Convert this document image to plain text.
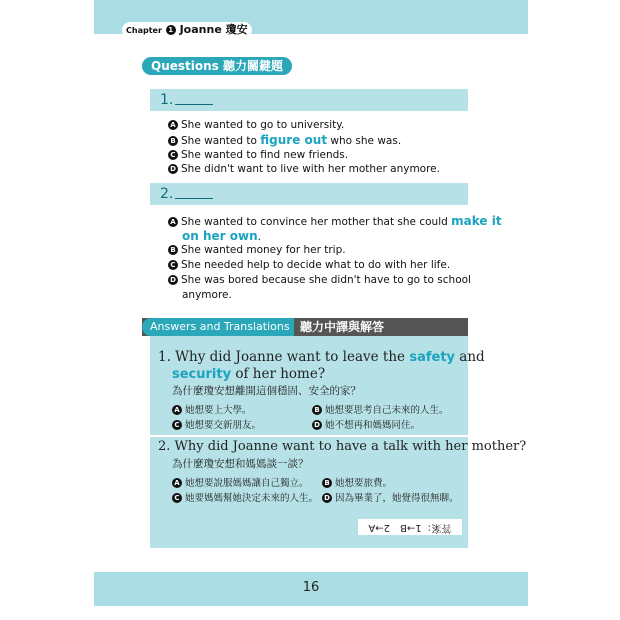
Chapter 1 Joanne 瓊安
Questions 聽力關鍵題
1.
A She wanted to go to university.
B She wanted to figure out who she was.
C She wanted to find new friends.
D She didn't want to live with her mother anymore.
2.
A She wanted to convince her mother that she could make it
on her own.
B She wanted money for her trip.
C She needed help to decide what to do with her life.
D She was bored because she didn't have to go to school
anymore.
Answers and Translations 聽力中譯與解答
1. Why did Joanne want to leave the safety and
security of her home?
為什麼瓊安想離開這個穩固、安全的家？
A 她想要上大學。	B 她想要思考自己未來的人生。
C 她想要交新朋友。	D 她不想再和媽媽同住。
2. Why did Joanne want to have a talk with her mother?
為什麼瓊安想和媽媽談一談？
A 她想要說服媽媽讓自己獨立。	B 她想要旅費。
C 她要媽媽幫她決定未來的人生。 D 因為畢業了，她覺得很無聊。
答案：1→B　2→A
16
